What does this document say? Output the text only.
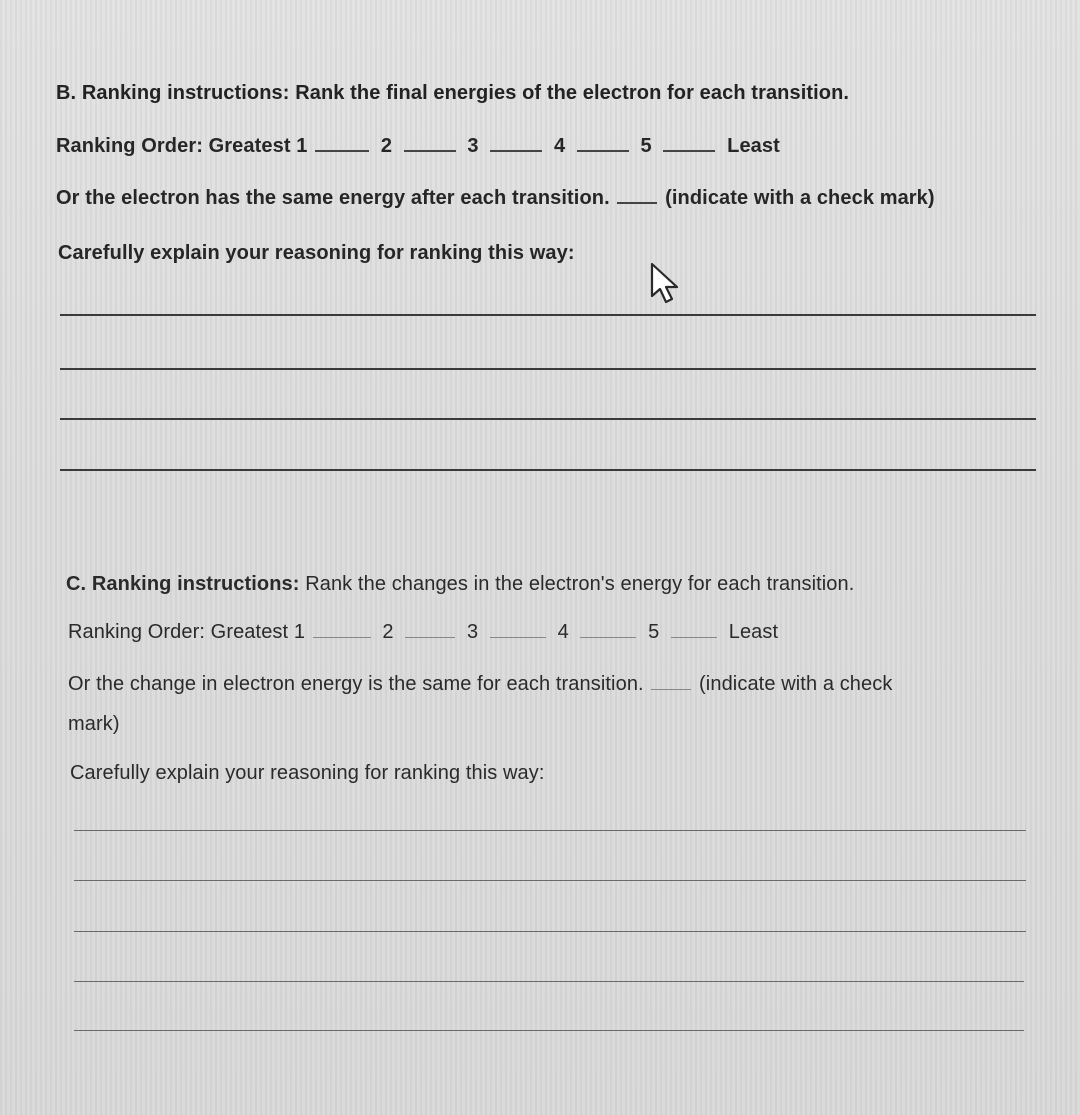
B. Ranking instructions: Rank the final energies of the electron for each transition.
Ranking Order: Greatest 1	2	3	4	5	Least
Or the electron has the same energy after each transition.	(indicate with a check mark)
Carefully explain your reasoning for ranking this way:
C. Ranking instructions: Rank the changes in the electron's energy for each transition.
Ranking Order: Greatest 1	2	3	4	5	Least
Or the change in electron energy is the same for each transition.	(indicate with a check
mark)
Carefully explain your reasoning for ranking this way:
